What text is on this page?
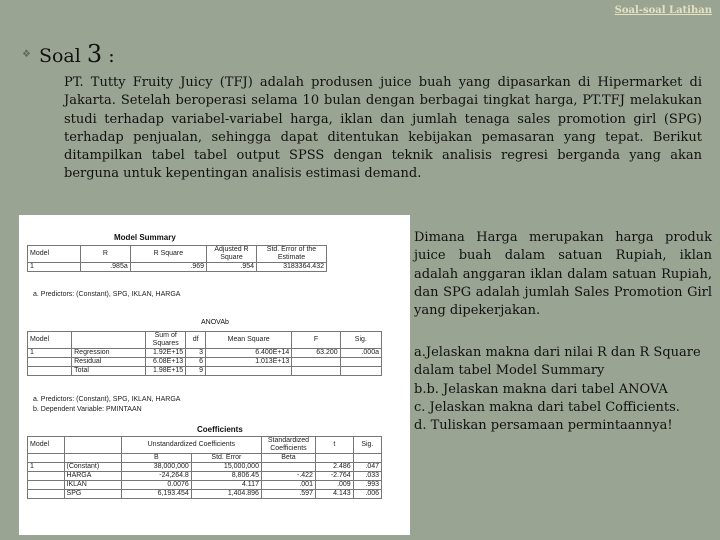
Soal-soal Latihan
❖ Soal 3 :
PT. Tutty Fruity Juicy (TFJ) adalah produsen juice buah yang dipasarkan di Hipermarket di Jakarta. Setelah beroperasi selama 10 bulan dengan berbagai tingkat harga, PT.TFJ melakukan studi terhadap variabel-variabel harga, iklan dan jumlah tenaga sales promotion girl (SPG) terhadap penjualan, sehingga dapat ditentukan kebijakan pemasaran yang tepat. Berikut ditampilkan tabel tabel output SPSS dengan teknik analisis regresi berganda yang akan berguna untuk kepentingan analisis estimasi demand.
Dimana Harga merupakan harga produk juice buah dalam satuan Rupiah, iklan adalah anggaran iklan dalam satuan Rupiah, dan SPG adalah jumlah Sales Promotion Girl yang dipekerjakan.
a.Jelaskan makna dari nilai R dan R Square dalam tabel Model Summary
b.b. Jelaskan makna dari tabel ANOVA
c. Jelaskan makna dari tabel Cofficients.
d. Tuliskan persamaan permintaannya!
Model Summary
Model	R	R Square	Adjusted R Square	Std. Error of the Estimate
1	.985a	.969	.954	3183364.432
a. Predictors: (Constant), SPG, IKLAN, HARGA
ANOVAb
Model		Sum of Squares	df	Mean Square	F	Sig.
1	Regression	1.92E+15	3	6.400E+14	63.200	.000a
	Residual	6.08E+13	6	1.013E+13		
	Total	1.98E+15	9			
a. Predictors: (Constant), SPG, IKLAN, HARGA
b. Dependent Variable: PMINTAAN
Coefficients
Model		Unstandardized Coefficients		Standardized Coefficients	t	Sig.
		B	Std. Error	Beta		
1	(Constant)	38,000,000	15,000,000		2.486	.047
	HARGA	-24,264.8	8,806.45	-.422	-2.764	.033
	IKLAN	0.0076	4.117	.001	.009	.993
	SPG	6,193.454	1,404.896	.597	4.143	.006
